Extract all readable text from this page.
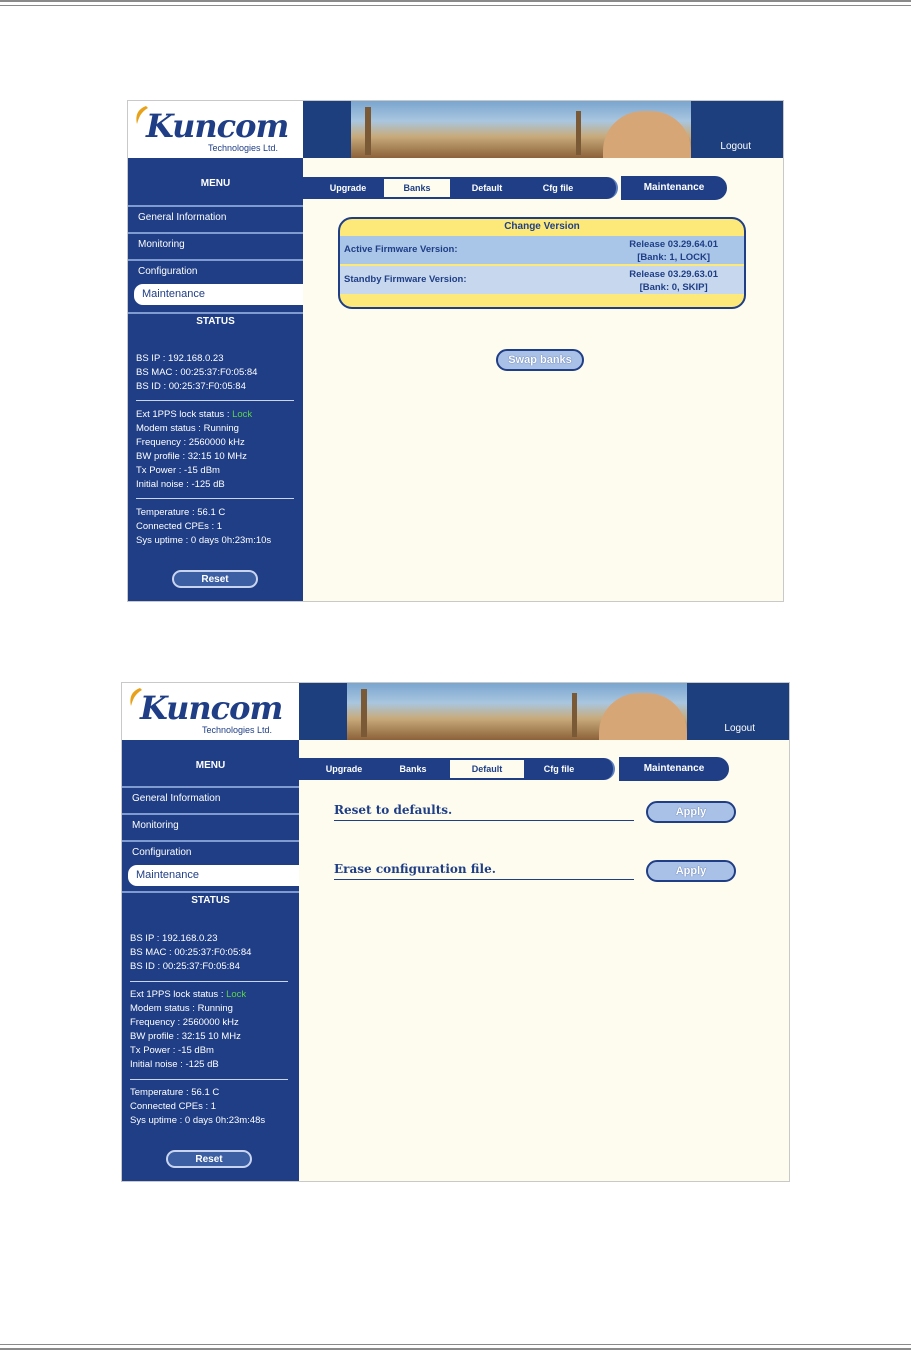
Kuncom
Technologies Ltd.	Logout
MENU
General Information
Monitoring
Configuration
Maintenance
STATUS
BS IP : 192.168.0.23
BS MAC : 00:25:37:F0:05:84
BS ID : 00:25:37:F0:05:84
Ext 1PPS lock status : Lock
Modem status : Running
Frequency : 2560000 kHz
BW profile : 32:15 10 MHz
Tx Power : -15 dBm
Initial noise : -125 dB
Temperature : 56.1 C
Connected CPEs : 1
Sys uptime : 0 days 0h:23m:10s
Reset
Upgrade	Banks	Default	Cfg file	Maintenance
Change Version
Active Firmware Version:	Release 03.29.64.01
[Bank: 1, LOCK]
Standby Firmware Version:	Release 03.29.63.01
[Bank: 0, SKIP]
Swap banks
Kuncom
Technologies Ltd.	Logout
MENU
General Information
Monitoring
Configuration
Maintenance
STATUS
BS IP : 192.168.0.23
BS MAC : 00:25:37:F0:05:84
BS ID : 00:25:37:F0:05:84
Ext 1PPS lock status : Lock
Modem status : Running
Frequency : 2560000 kHz
BW profile : 32:15 10 MHz
Tx Power : -15 dBm
Initial noise : -125 dB
Temperature : 56.1 C
Connected CPEs : 1
Sys uptime : 0 days 0h:23m:48s
Reset
Upgrade	Banks	Default	Cfg file	Maintenance
Reset to defaults.	Apply
Erase configuration file.	Apply
